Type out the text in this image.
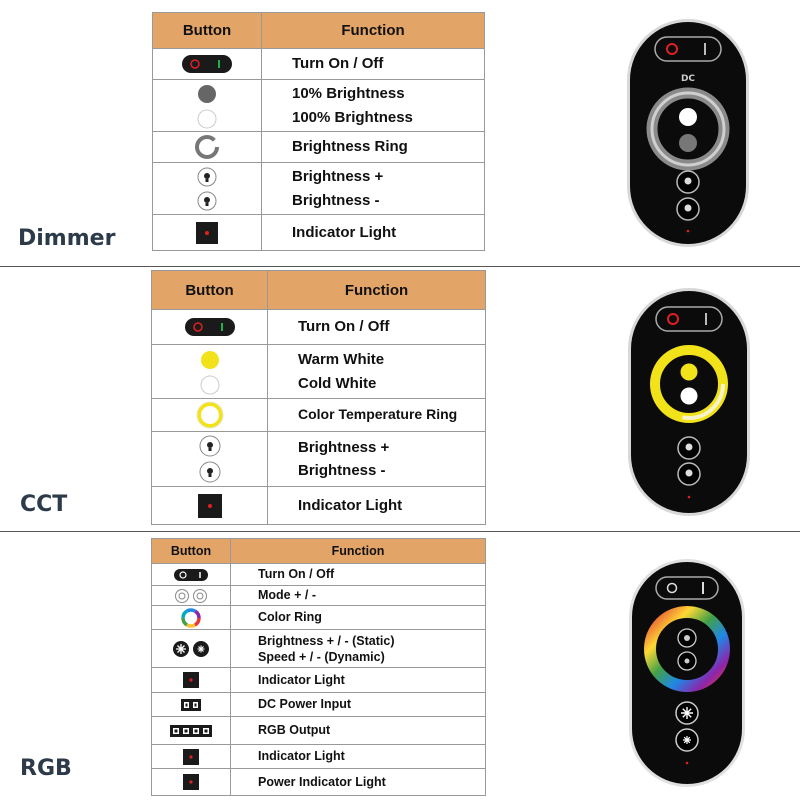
Dimmer
CCT
RGB
Button	Function

Turn On / Off

10% Brightness
100% Brightness

Brightness Ring

Brightness +
Brightness -

Indicator Light
Button	Function

Turn On / Off

Warm White
Cold White

Color Temperature Ring

Brightness +
Brightness -

Indicator Light
Button	Function

Turn On / Off

Mode + / -

Color Ring

Brightness + / - (Static)
Speed + / - (Dynamic)

Indicator Light

DC Power Input

RGB Output

Indicator Light

Power Indicator Light
DC
TC
